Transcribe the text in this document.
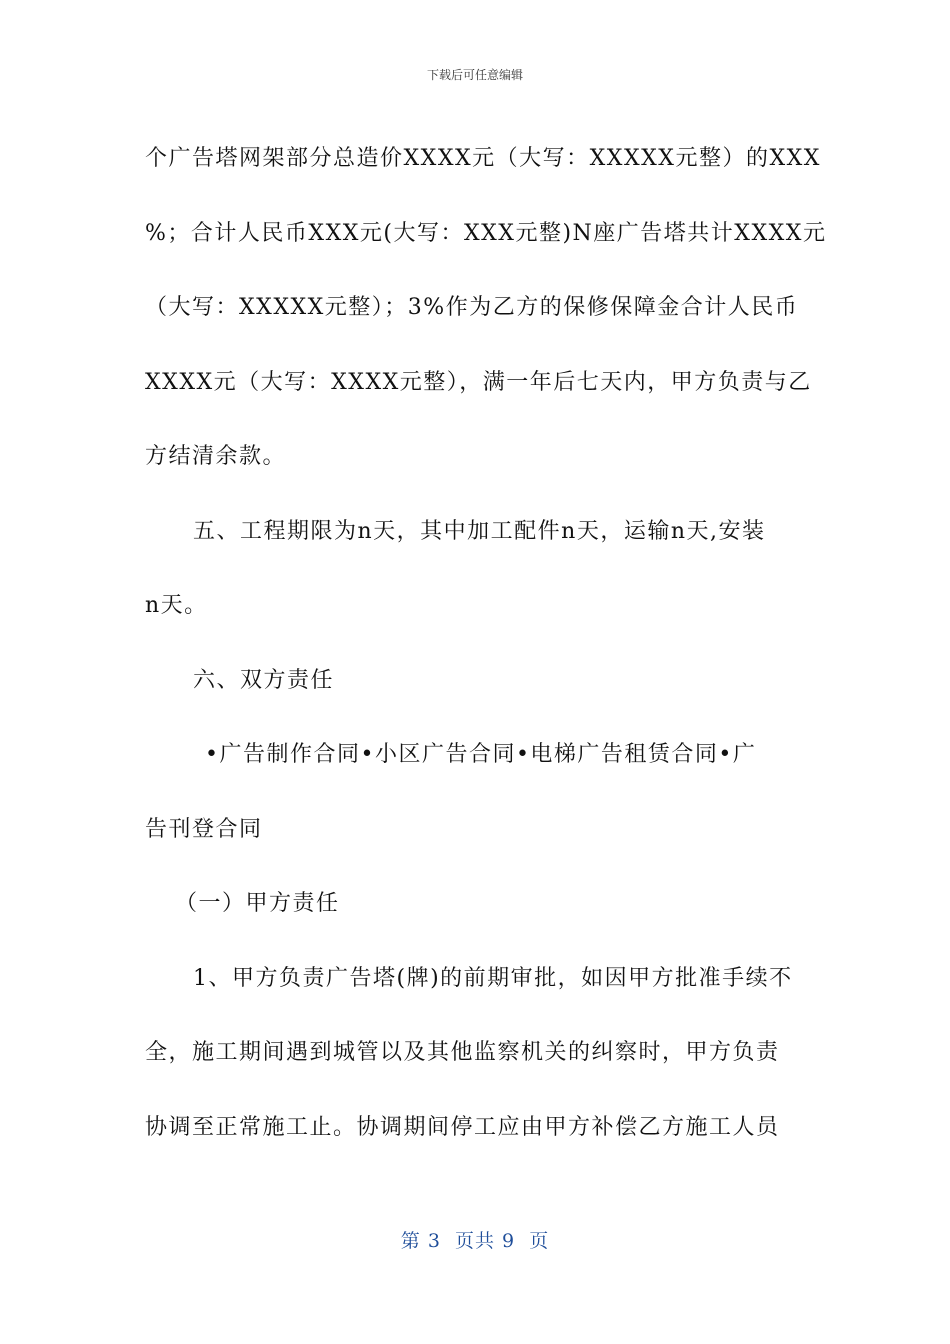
下载后可任意编辑
个广告塔网架部分总造价XXXX元（大写：XXXXX元整）的XXX
%；合计人民币XXX元(大写：XXX元整)N座广告塔共计XXXX元
（大写：XXXXX元整）；3%作为乙方的保修保障金合计人民币
XXXX元（大写：XXXX元整），满一年后七天内，甲方负责与乙
方结清余款。
五、工程期限为n天，其中加工配件n天，运输n天,安装
n天。
六、双方责任
•广告制作合同•小区广告合同•电梯广告租赁合同•广
告刊登合同
（一）甲方责任
1、甲方负责广告塔(牌)的前期审批，如因甲方批准手续不
全，施工期间遇到城管以及其他监察机关的纠察时，甲方负责
协调至正常施工止。协调期间停工应由甲方补偿乙方施工人员
第 3  页共 9  页
